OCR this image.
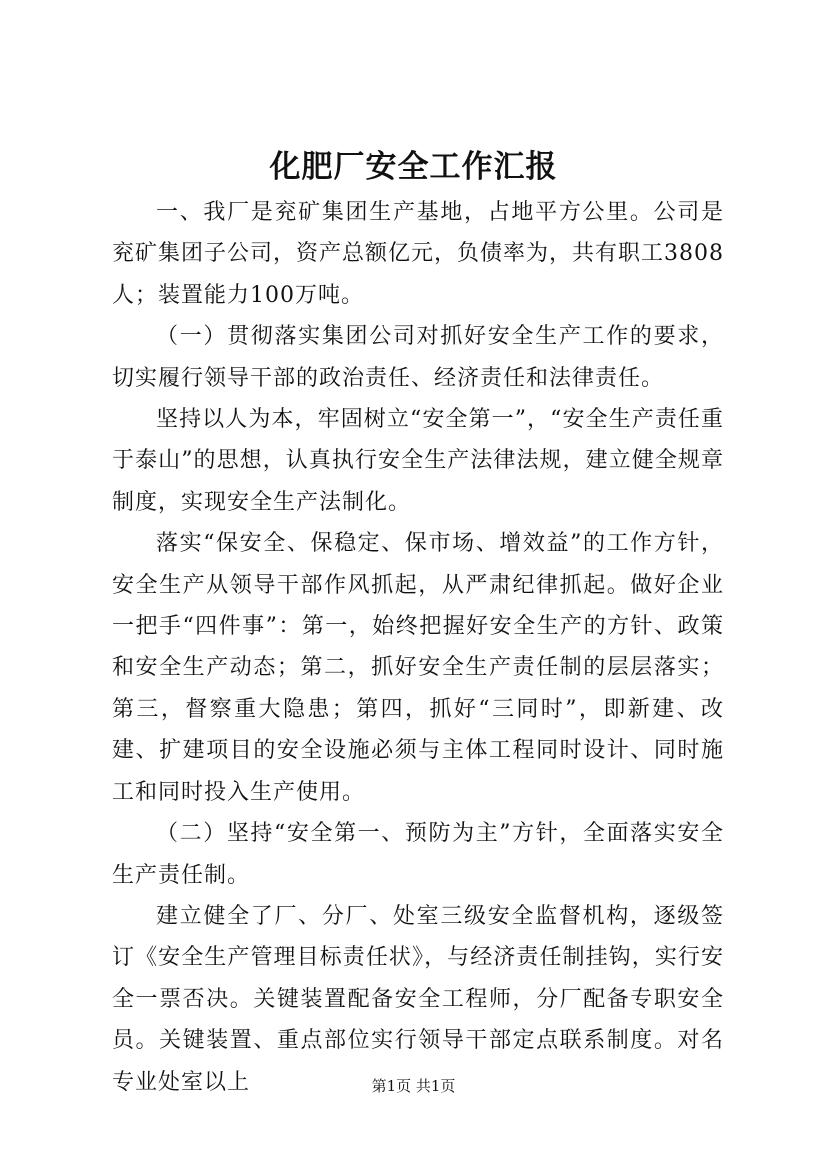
化肥厂安全工作汇报

一、我厂是兖矿集团生产基地，占地平方公里。公司是兖矿集团子公司，资产总额亿元，负债率为，共有职工3808人；装置能力100万吨。

（一）贯彻落实集团公司对抓好安全生产工作的要求，切实履行领导干部的政治责任、经济责任和法律责任。

坚持以人为本，牢固树立“安全第一”，“安全生产责任重于泰山”的思想，认真执行安全生产法律法规，建立健全规章制度，实现安全生产法制化。

落实“保安全、保稳定、保市场、增效益”的工作方针，安全生产从领导干部作风抓起，从严肃纪律抓起。做好企业一把手“四件事”：第一，始终把握好安全生产的方针、政策和安全生产动态；第二，抓好安全生产责任制的层层落实；第三，督察重大隐患；第四，抓好“三同时”，即新建、改建、扩建项目的安全设施必须与主体工程同时设计、同时施工和同时投入生产使用。

（二）坚持“安全第一、预防为主”方针，全面落实安全生产责任制。

建立健全了厂、分厂、处室三级安全监督机构，逐级签订《安全生产管理目标责任状》，与经济责任制挂钩，实行安全一票否决。关键装置配备安全工程师，分厂配备专职安全员。关键装置、重点部位实行领导干部定点联系制度。对名专业处室以上	第1页 共1页
